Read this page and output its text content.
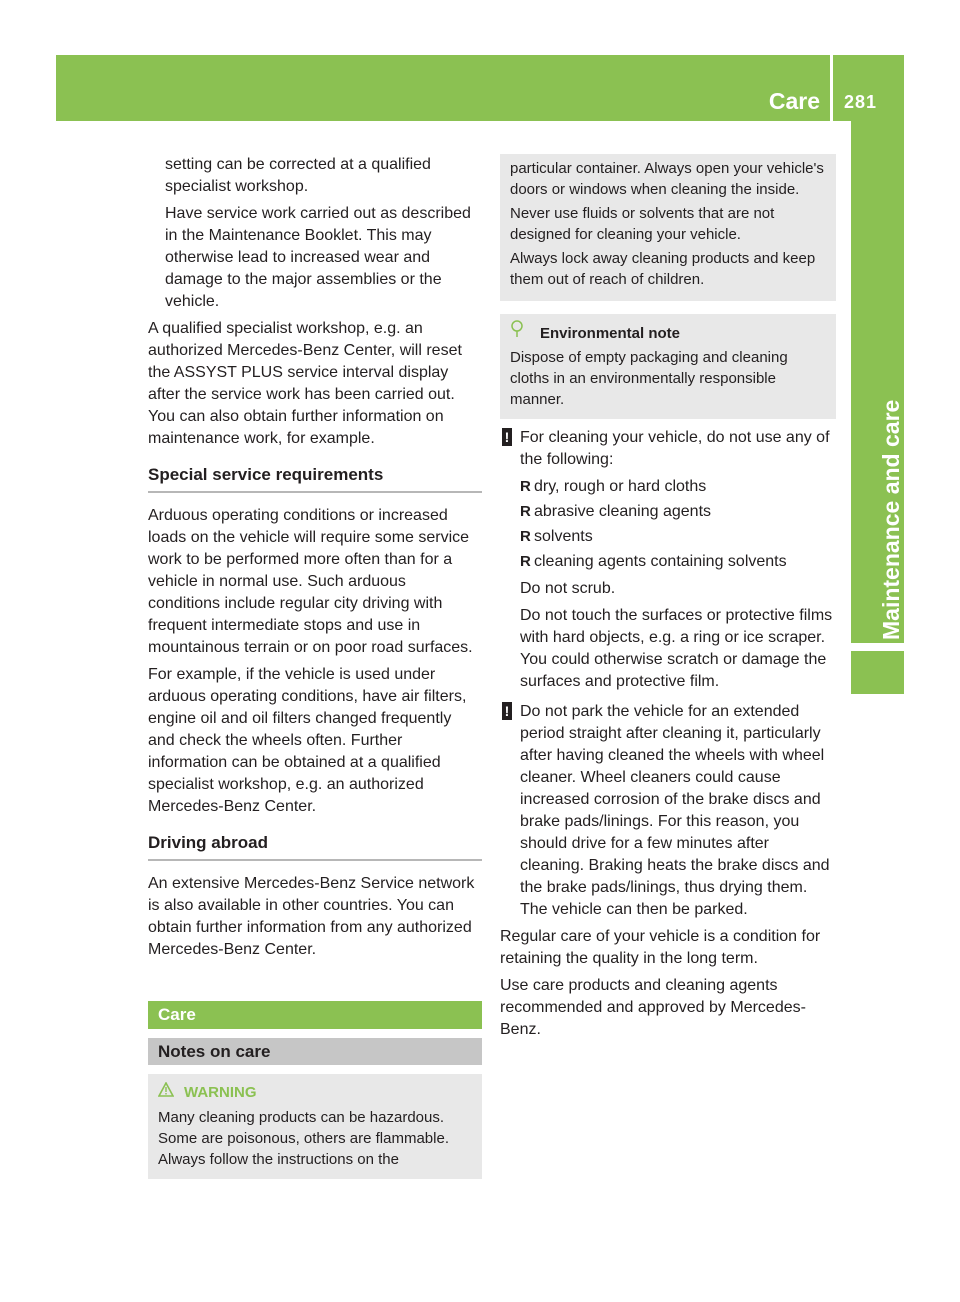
Care 281
Maintenance and care

setting can be corrected at a qualified specialist workshop.

Have service work carried out as described in the Maintenance Booklet. This may otherwise lead to increased wear and damage to the major assemblies or the vehicle.

A qualified specialist workshop, e.g. an authorized Mercedes-Benz Center, will reset the ASSYST PLUS service interval display after the service work has been carried out. You can also obtain further information on maintenance work, for example.

Special service requirements

Arduous operating conditions or increased loads on the vehicle will require some service work to be performed more often than for a vehicle in normal use. Such arduous conditions include regular city driving with frequent intermediate stops and use in mountainous terrain or on poor road surfaces.

For example, if the vehicle is used under arduous operating conditions, have air filters, engine oil and oil filters changed frequently and check the wheels often. Further information can be obtained at a qualified specialist workshop, e.g. an authorized Mercedes-Benz Center.

Driving abroad

An extensive Mercedes-Benz Service network is also available in other countries. You can obtain further information from any authorized Mercedes-Benz Center.

Care
Notes on care

WARNING

Many cleaning products can be hazardous. Some are poisonous, others are flammable. Always follow the instructions on the

particular container. Always open your vehicle's doors or windows when cleaning the inside.

Never use fluids or solvents that are not designed for cleaning your vehicle.

Always lock away cleaning products and keep them out of reach of children.

Environmental note

Dispose of empty packaging and cleaning cloths in an environmentally responsible manner.

! For cleaning your vehicle, do not use any of the following:

R dry, rough or hard cloths
R abrasive cleaning agents
R solvents
R cleaning agents containing solvents

Do not scrub.

Do not touch the surfaces or protective films with hard objects, e.g. a ring or ice scraper. You could otherwise scratch or damage the surfaces and protective film.

! Do not park the vehicle for an extended period straight after cleaning it, particularly after having cleaned the wheels with wheel cleaner. Wheel cleaners could cause increased corrosion of the brake discs and brake pads/linings. For this reason, you should drive for a few minutes after cleaning. Braking heats the brake discs and the brake pads/linings, thus drying them. The vehicle can then be parked.

Regular care of your vehicle is a condition for retaining the quality in the long term.

Use care products and cleaning agents recommended and approved by Mercedes-Benz.
